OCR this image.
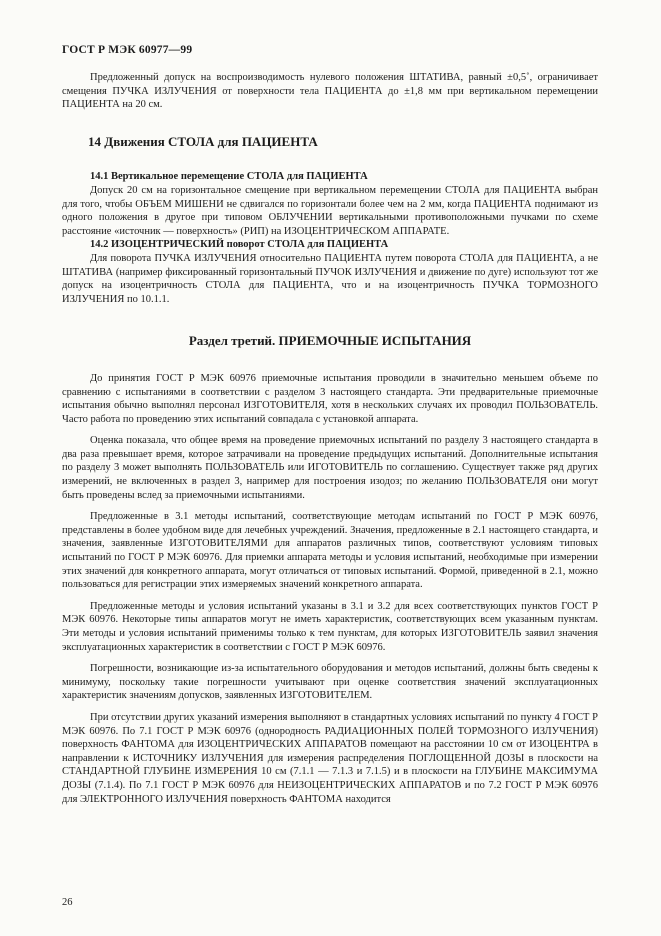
ГОСТ Р МЭК 60977—99

Предложенный допуск на воспроизводимость нулевого положения ШТАТИВА, равный ±0,5˚, ограничивает смещения ПУЧКА ИЗЛУЧЕНИЯ от поверхности тела ПАЦИЕНТА до ±1,8 мм при вертикальном перемещении ПАЦИЕНТА на 20 см.

14 Движения СТОЛА для ПАЦИЕНТА
14.1 Вертикальное перемещение СТОЛА для ПАЦИЕНТА

Допуск 20 см на горизонтальное смещение при вертикальном перемещении СТОЛА для ПАЦИЕНТА выбран для того, чтобы ОБЪЕМ МИШЕНИ не сдвигался по горизонтали более чем на 2 мм, когда ПАЦИЕНТА поднимают из одного положения в другое при типовом ОБЛУЧЕНИИ вертикальными противоположными пучками по схеме расстояние «источник — поверхность» (РИП) на ИЗОЦЕНТРИЧЕСКОМ АППАРАТЕ.

14.2 ИЗОЦЕНТРИЧЕСКИЙ поворот СТОЛА для ПАЦИЕНТА

Для поворота ПУЧКА ИЗЛУЧЕНИЯ относительно ПАЦИЕНТА путем поворота СТОЛА для ПАЦИЕНТА, а не ШТАТИВА (например фиксированный горизонтальный ПУЧОК ИЗЛУЧЕНИЯ и движение по дуге) используют тот же допуск на изоцентричность СТОЛА для ПАЦИЕНТА, что и на изоцентричность ПУЧКА ТОРМОЗНОГО ИЗЛУЧЕНИЯ по 10.1.1.

Раздел третий. ПРИЕМОЧНЫЕ ИСПЫТАНИЯ

До принятия ГОСТ Р МЭК 60976 приемочные испытания проводили в значительно меньшем объеме по сравнению с испытаниями в соответствии с разделом 3 настоящего стандарта. Эти предварительные приемочные испытания обычно выполнял персонал ИЗГОТОВИТЕЛЯ, хотя в нескольких случаях их проводил ПОЛЬЗОВАТЕЛЬ. Часто работа по проведению этих испытаний совпадала с установкой аппарата.

Оценка показала, что общее время на проведение приемочных испытаний по разделу 3 настоящего стандарта в два раза превышает время, которое затрачивали на проведение предыдущих испытаний. Дополнительные испытания по разделу 3 может выполнять ПОЛЬЗОВАТЕЛЬ или ИГОТОВИТЕЛЬ по соглашению. Существует также ряд других измерений, не включенных в раздел 3, например для построения изодоз; по желанию ПОЛЬЗОВАТЕЛЯ они могут быть проведены вслед за приемочными испытаниями.

Предложенные в 3.1 методы испытаний, соответствующие методам испытаний по ГОСТ Р МЭК 60976, представлены в более удобном виде для лечебных учреждений. Значения, предложенные в 2.1 настоящего стандарта, и значения, заявленные ИЗГОТОВИТЕЛЯМИ для аппаратов различных типов, соответствуют условиям типовых испытаний по ГОСТ Р МЭК 60976. Для приемки аппарата методы и условия испытаний, необходимые при измерении этих значений для конкретного аппарата, могут отличаться от типовых испытаний. Формой, приведенной в 2.1, можно пользоваться для регистрации этих измеряемых значений конкретного аппарата.

Предложенные методы и условия испытаний указаны в 3.1 и 3.2 для всех соответствующих пунктов ГОСТ Р МЭК 60976. Некоторые типы аппаратов могут не иметь характеристик, соответствующих всем указанным пунктам. Эти методы и условия испытаний применимы только к тем пунктам, для которых ИЗГОТОВИТЕЛЬ заявил значения эксплуатационных характеристик в соответствии с ГОСТ Р МЭК 60976.

Погрешности, возникающие из-за испытательного оборудования и методов испытаний, должны быть сведены к минимуму, поскольку такие погрешности учитывают при оценке соответствия значений эксплуатационных характеристик значениям допусков, заявленных ИЗГОТОВИТЕЛЕМ.

При отсутствии других указаний измерения выполняют в стандартных условиях испытаний по пункту 4 ГОСТ Р МЭК 60976. По 7.1 ГОСТ Р МЭК 60976 (однородность РАДИАЦИОННЫХ ПОЛЕЙ ТОРМОЗНОГО ИЗЛУЧЕНИЯ) поверхность ФАНТОМА для ИЗОЦЕНТРИЧЕСКИХ АППАРАТОВ помещают на расстоянии 10 см от ИЗОЦЕНТРА в направлении к ИСТОЧНИКУ ИЗЛУЧЕНИЯ для измерения распределения ПОГЛОЩЕННОЙ ДОЗЫ в плоскости на СТАНДАРТНОЙ ГЛУБИНЕ ИЗМЕРЕНИЯ 10 см (7.1.1 — 7.1.3 и 7.1.5) и в плоскости на ГЛУБИНЕ МАКСИМУМА ДОЗЫ (7.1.4). По 7.1 ГОСТ Р МЭК 60976 для НЕИЗОЦЕНТРИЧЕСКИХ АППАРАТОВ и по 7.2 ГОСТ Р МЭК 60976 для ЭЛЕКТРОННОГО ИЗЛУЧЕНИЯ поверхность ФАНТОМА находится

26
